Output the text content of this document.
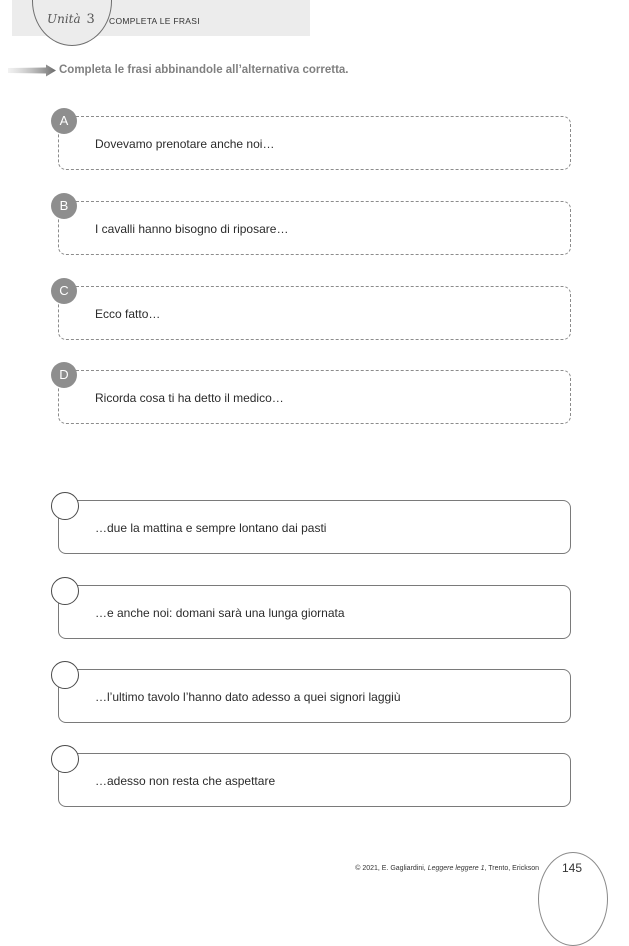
Unità 3 COMPLETA LE FRASI
Completa le frasi abbinandole all’alternativa corretta.
A
Dovevamo prenotare anche noi…
B
I cavalli hanno bisogno di riposare…
C
Ecco fatto…
D
Ricorda cosa ti ha detto il medico…
…due la mattina e sempre lontano dai pasti
…e anche noi: domani sarà una lunga giornata
…l’ultimo tavolo l’hanno dato adesso a quei signori laggiù
…adesso non resta che aspettare
© 2021, E. Gagliardini, Leggere leggere 1, Trento, Erickson	145
